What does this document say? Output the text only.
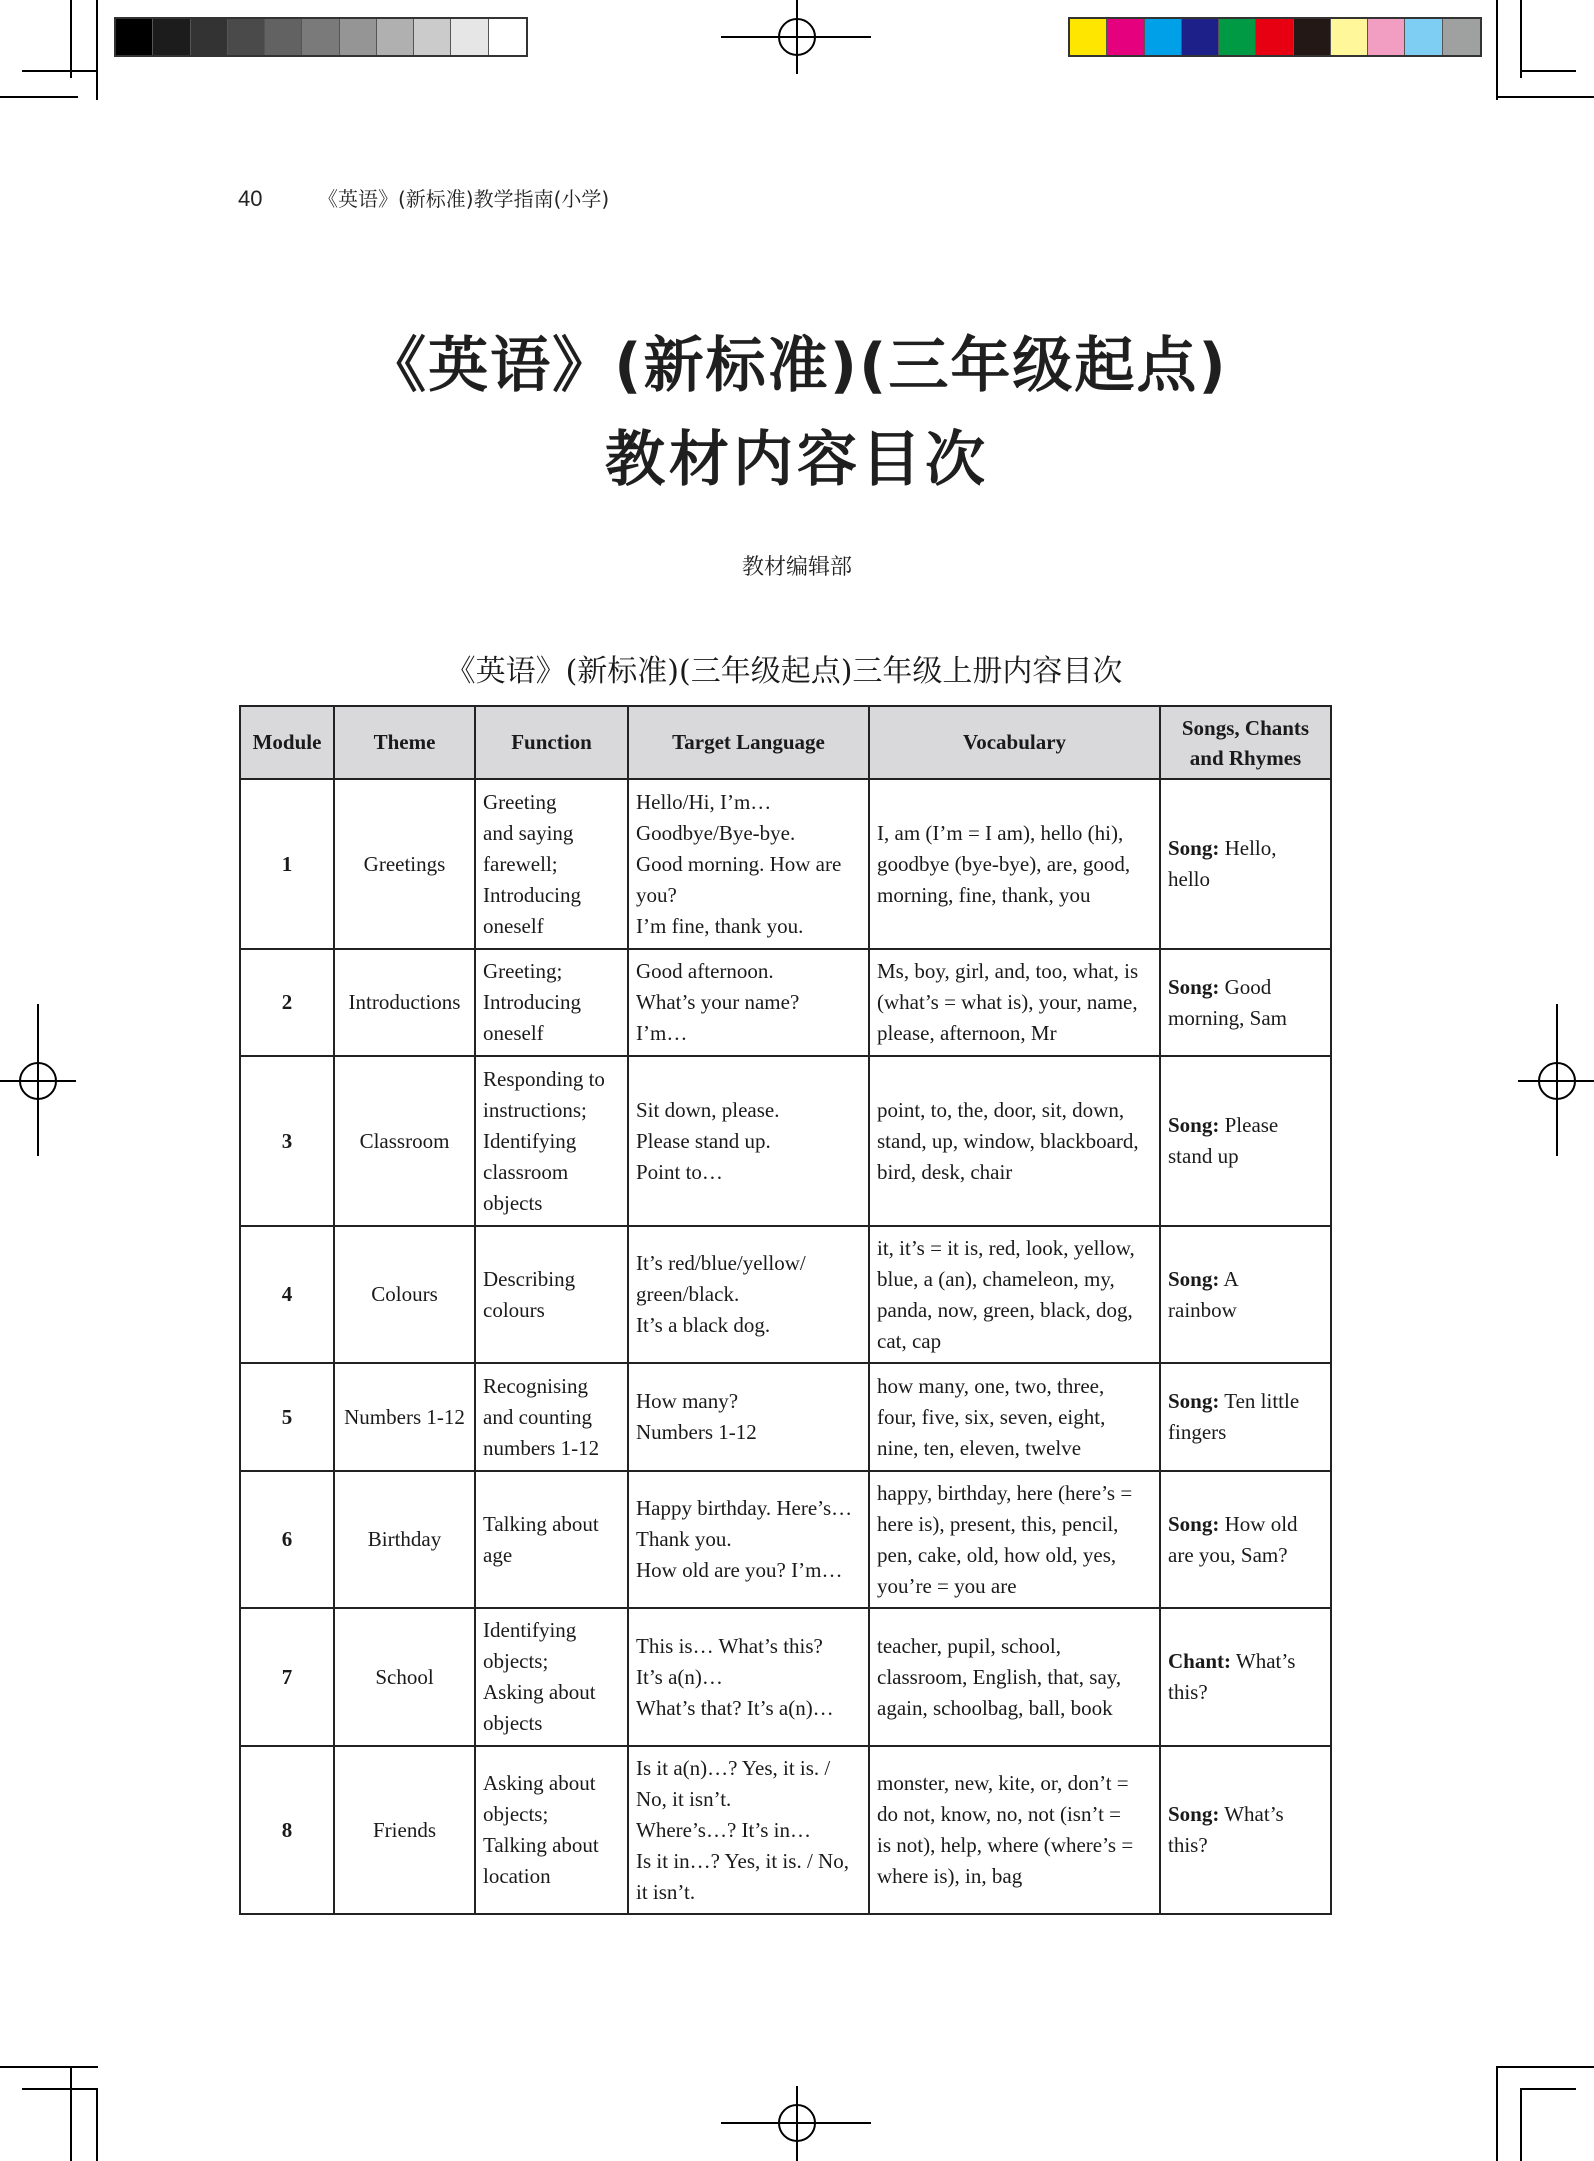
40	《英语》(新标准)教学指南(小学)
《英语》(新标准)(三年级起点)
教材内容目次
教材编辑部
《英语》(新标准)(三年级起点)三年级上册内容目次
Module	Theme	Function	Target Language	Vocabulary	Songs, Chants and Rhymes
1	Greetings	Greeting
and saying
farewell;
Introducing
oneself	Hello/Hi, I’m…
Goodbye/Bye-bye.
Good morning. How are
you?
I’m fine, thank you.	I, am (I’m = I am), hello (hi),
goodbye (bye-bye), are, good,
morning, fine, thank, you	Song: Hello,
hello
2	Introductions	Greeting;
Introducing
oneself	Good afternoon.
What’s your name?
I’m…	Ms, boy, girl, and, too, what, is
(what’s = what is), your, name,
please, afternoon, Mr	Song: Good
morning, Sam
3	Classroom	Responding to
instructions;
Identifying
classroom
objects	Sit down, please.
Please stand up.
Point to…	point, to, the, door, sit, down,
stand, up, window, blackboard,
bird, desk, chair	Song: Please
stand up
4	Colours	Describing
colours	It’s red/blue/yellow/
green/black.
It’s a black dog.	it, it’s = it is, red, look, yellow,
blue, a (an), chameleon, my,
panda, now, green, black, dog,
cat, cap	Song: A
rainbow
5	Numbers 1-12	Recognising
and counting
numbers 1-12	How many?
Numbers 1-12	how many, one, two, three,
four, five, six, seven, eight,
nine, ten, eleven, twelve	Song: Ten little
fingers
6	Birthday	Talking about
age	Happy birthday. Here’s…
Thank you.
How old are you? I’m…	happy, birthday, here (here’s =
here is), present, this, pencil,
pen, cake, old, how old, yes,
you’re = you are	Song: How old
are you, Sam?
7	School	Identifying
objects;
Asking about
objects	This is… What’s this?
It’s a(n)…
What’s that? It’s a(n)…	teacher, pupil, school,
classroom, English, that, say,
again, schoolbag, ball, book	Chant: What’s
this?
8	Friends	Asking about
objects;
Talking about
location	Is it a(n)…? Yes, it is. /
No, it isn’t.
Where’s…? It’s in…
Is it in…? Yes, it is. / No,
it isn’t.	monster, new, kite, or, don’t =
do not, know, no, not (isn’t =
is not), help, where (where’s =
where is), in, bag	Song: What’s
this?
